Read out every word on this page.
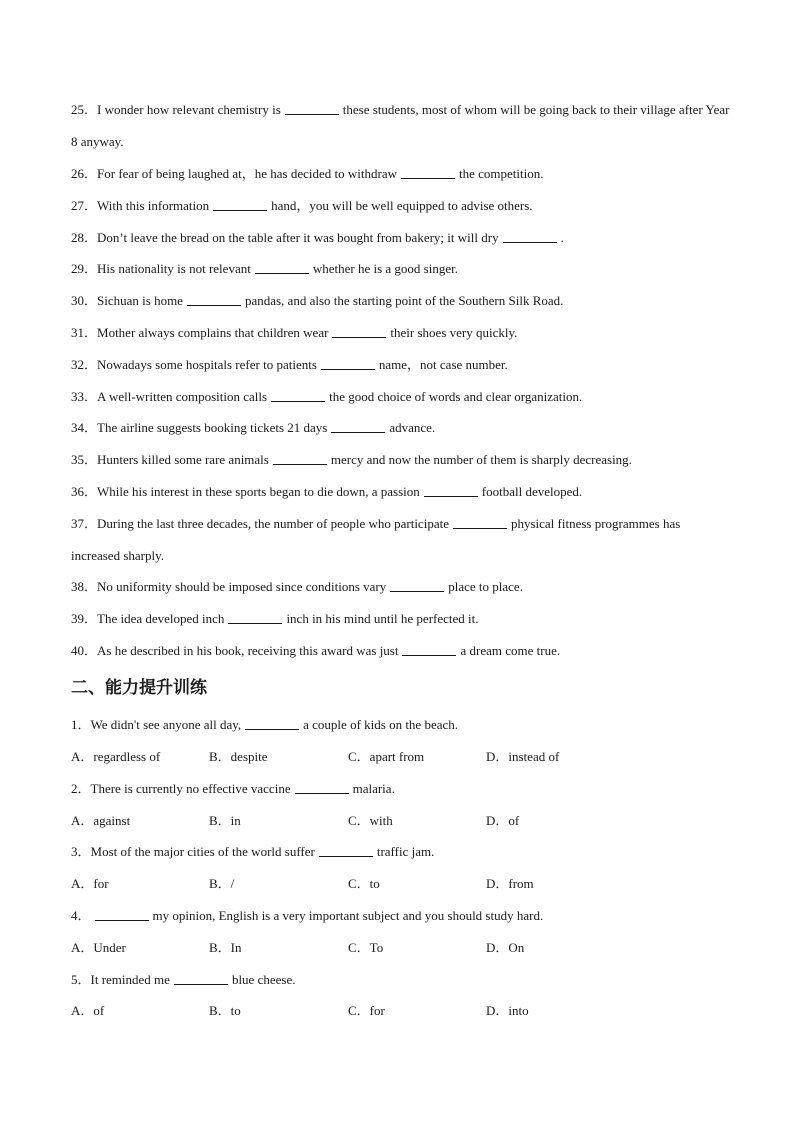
25．I wonder how relevant chemistry is	these students, most of whom will be going back to their village after Year 8 anyway.
26．For fear of being laughed at，he has decided to withdraw	the competition.
27．With this information	hand，you will be well equipped to advise others.
28．Don’t leave the bread on the table after it was bought from bakery; it will dry	.
29．His nationality is not relevant	whether he is a good singer.
30．Sichuan is home	pandas, and also the starting point of the Southern Silk Road.
31．Mother always complains that children wear	their shoes very quickly.
32．Nowadays some hospitals refer to patients	name，not case number.
33．A well-written composition calls	the good choice of words and clear organization.
34．The airline suggests booking tickets 21 days	advance.
35．Hunters killed some rare animals	mercy and now the number of them is sharply decreasing.
36．While his interest in these sports began to die down, a passion	football developed.
37．During the last three decades, the number of people who participate	physical fitness programmes has increased sharply.
38．No uniformity should be imposed since conditions vary	place to place.
39．The idea developed inch	inch in his mind until he perfected it.
40．As he described in his book, receiving this award was just	a dream come true.
二、能力提升训练
1．We didn't see anyone all day,	a couple of kids on the beach.
A．regardless of	B．despite	C．apart from	D．instead of
2．There is currently no effective vaccine	malaria.
A．against	B．in	C．with	D．of
3．Most of the major cities of the world suffer	traffic jam.
A．for	B．/	C．to	D．from
4．	my opinion, English is a very important subject and you should study hard.
A．Under	B．In	C．To	D．On
5．It reminded me	blue cheese.
A．of	B．to	C．for	D．into
